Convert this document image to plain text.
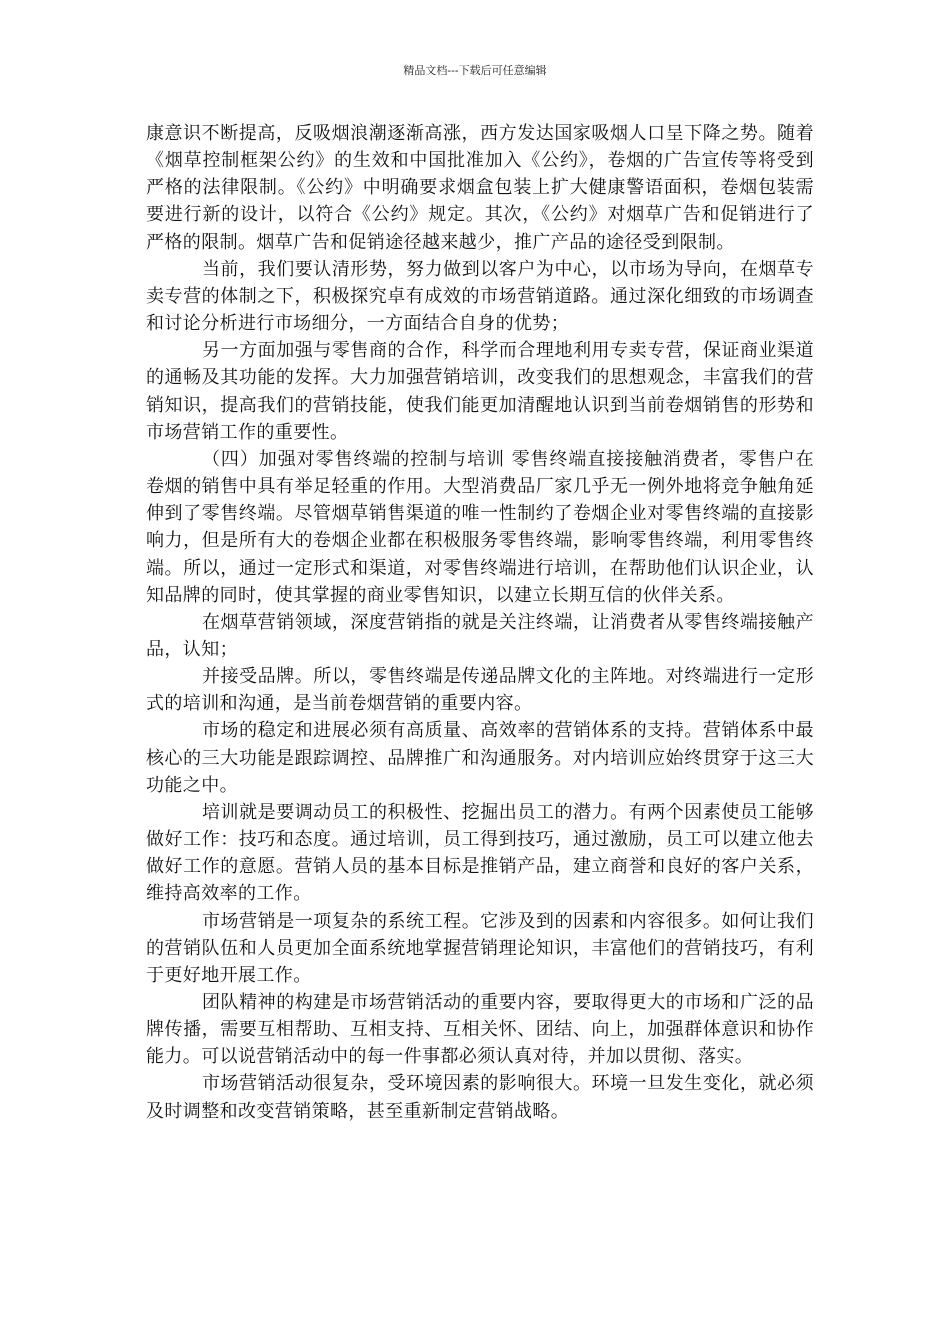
精品文档---下载后可任意编辑

康意识不断提高，反吸烟浪潮逐渐高涨，西方发达国家吸烟人口呈下降之势。随着《烟草控制框架公约》的生效和中国批准加入《公约》，卷烟的广告宣传等将受到严格的法律限制。《公约》中明确要求烟盒包装上扩大健康警语面积，卷烟包装需要进行新的设计，以符合《公约》规定。其次，《公约》对烟草广告和促销进行了严格的限制。烟草广告和促销途径越来越少，推广产品的途径受到限制。

当前，我们要认清形势，努力做到以客户为中心，以市场为导向，在烟草专卖专营的体制之下，积极探究卓有成效的市场营销道路。通过深化细致的市场调查和讨论分析进行市场细分，一方面结合自身的优势；

另一方面加强与零售商的合作，科学而合理地利用专卖专营，保证商业渠道的通畅及其功能的发挥。大力加强营销培训，改变我们的思想观念，丰富我们的营销知识，提高我们的营销技能，使我们能更加清醒地认识到当前卷烟销售的形势和市场营销工作的重要性。

（四）加强对零售终端的控制与培训 零售终端直接接触消费者，零售户在卷烟的销售中具有举足轻重的作用。大型消费品厂家几乎无一例外地将竞争触角延伸到了零售终端。尽管烟草销售渠道的唯一性制约了卷烟企业对零售终端的直接影响力，但是所有大的卷烟企业都在积极服务零售终端，影响零售终端，利用零售终端。所以，通过一定形式和渠道，对零售终端进行培训，在帮助他们认识企业，认知品牌的同时，使其掌握的商业零售知识，以建立长期互信的伙伴关系。

在烟草营销领域，深度营销指的就是关注终端，让消费者从零售终端接触产品，认知；

并接受品牌。所以，零售终端是传递品牌文化的主阵地。对终端进行一定形式的培训和沟通，是当前卷烟营销的重要内容。

市场的稳定和进展必须有高质量、高效率的营销体系的支持。营销体系中最核心的三大功能是跟踪调控、品牌推广和沟通服务。对内培训应始终贯穿于这三大功能之中。

培训就是要调动员工的积极性、挖掘出员工的潜力。有两个因素使员工能够做好工作：技巧和态度。通过培训，员工得到技巧，通过激励，员工可以建立他去做好工作的意愿。营销人员的基本目标是推销产品，建立商誉和良好的客户关系，维持高效率的工作。

市场营销是一项复杂的系统工程。它涉及到的因素和内容很多。如何让我们的营销队伍和人员更加全面系统地掌握营销理论知识，丰富他们的营销技巧，有利于更好地开展工作。

团队精神的构建是市场营销活动的重要内容，要取得更大的市场和广泛的品牌传播，需要互相帮助、互相支持、互相关怀、团结、向上，加强群体意识和协作能力。可以说营销活动中的每一件事都必须认真对待，并加以贯彻、落实。

市场营销活动很复杂，受环境因素的影响很大。环境一旦发生变化，就必须及时调整和改变营销策略，甚至重新制定营销战略。
